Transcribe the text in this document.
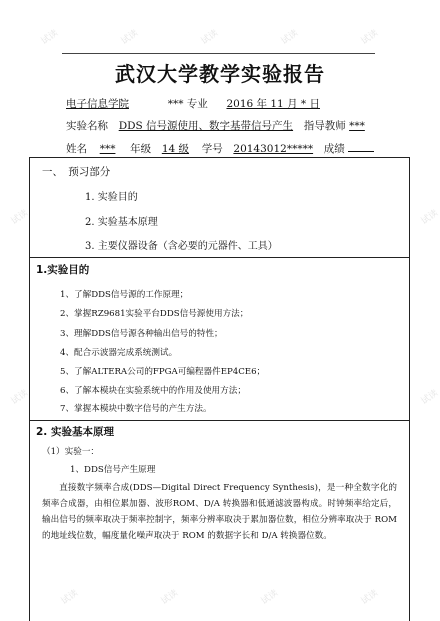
试读	试读	试读	试读	试读
试读	试读
试读	试读
试读	试读	试读	试读
武汉大学教学实验报告
电子信息学院	*** 专业 2016 年 11 月 * 日
实验名称 DDS 信号源使用、数字基带信号产生 指导教师 ***
姓名 *** 年级 14 级 学号 20143012***** 成绩
一、　预习部分
1. 实验目的
2. 实验基本原理
3. 主要仪器设备（含必要的元器件、工具）
1.实验目的
1、了解DDS信号源的工作原理；
2、掌握RZ9681实验平台DDS信号源使用方法；
3、理解DDS信号源各种输出信号的特性；
4、配合示波器完成系统测试。
5、了解ALTERA公司的FPGA可编程器件EP4CE6；
6、了解本模块在实验系统中的作用及使用方法；
7、掌握本模块中数字信号的产生方法。
2. 实验基本原理
（1）实验一：
1、DDS信号产生原理
直接数字频率合成(DDS—Digital Direct Frequency Synthesis)，是一种全数字化的频率合成器，由相位累加器、波形ROM、D/A 转换器和低通滤波器构成。时钟频率给定后，输出信号的频率取决于频率控制字，频率分辨率取决于累加器位数，相位分辨率取决于 ROM 的地址线位数，幅度量化噪声取决于 ROM 的数据字长和 D/A 转换器位数。
